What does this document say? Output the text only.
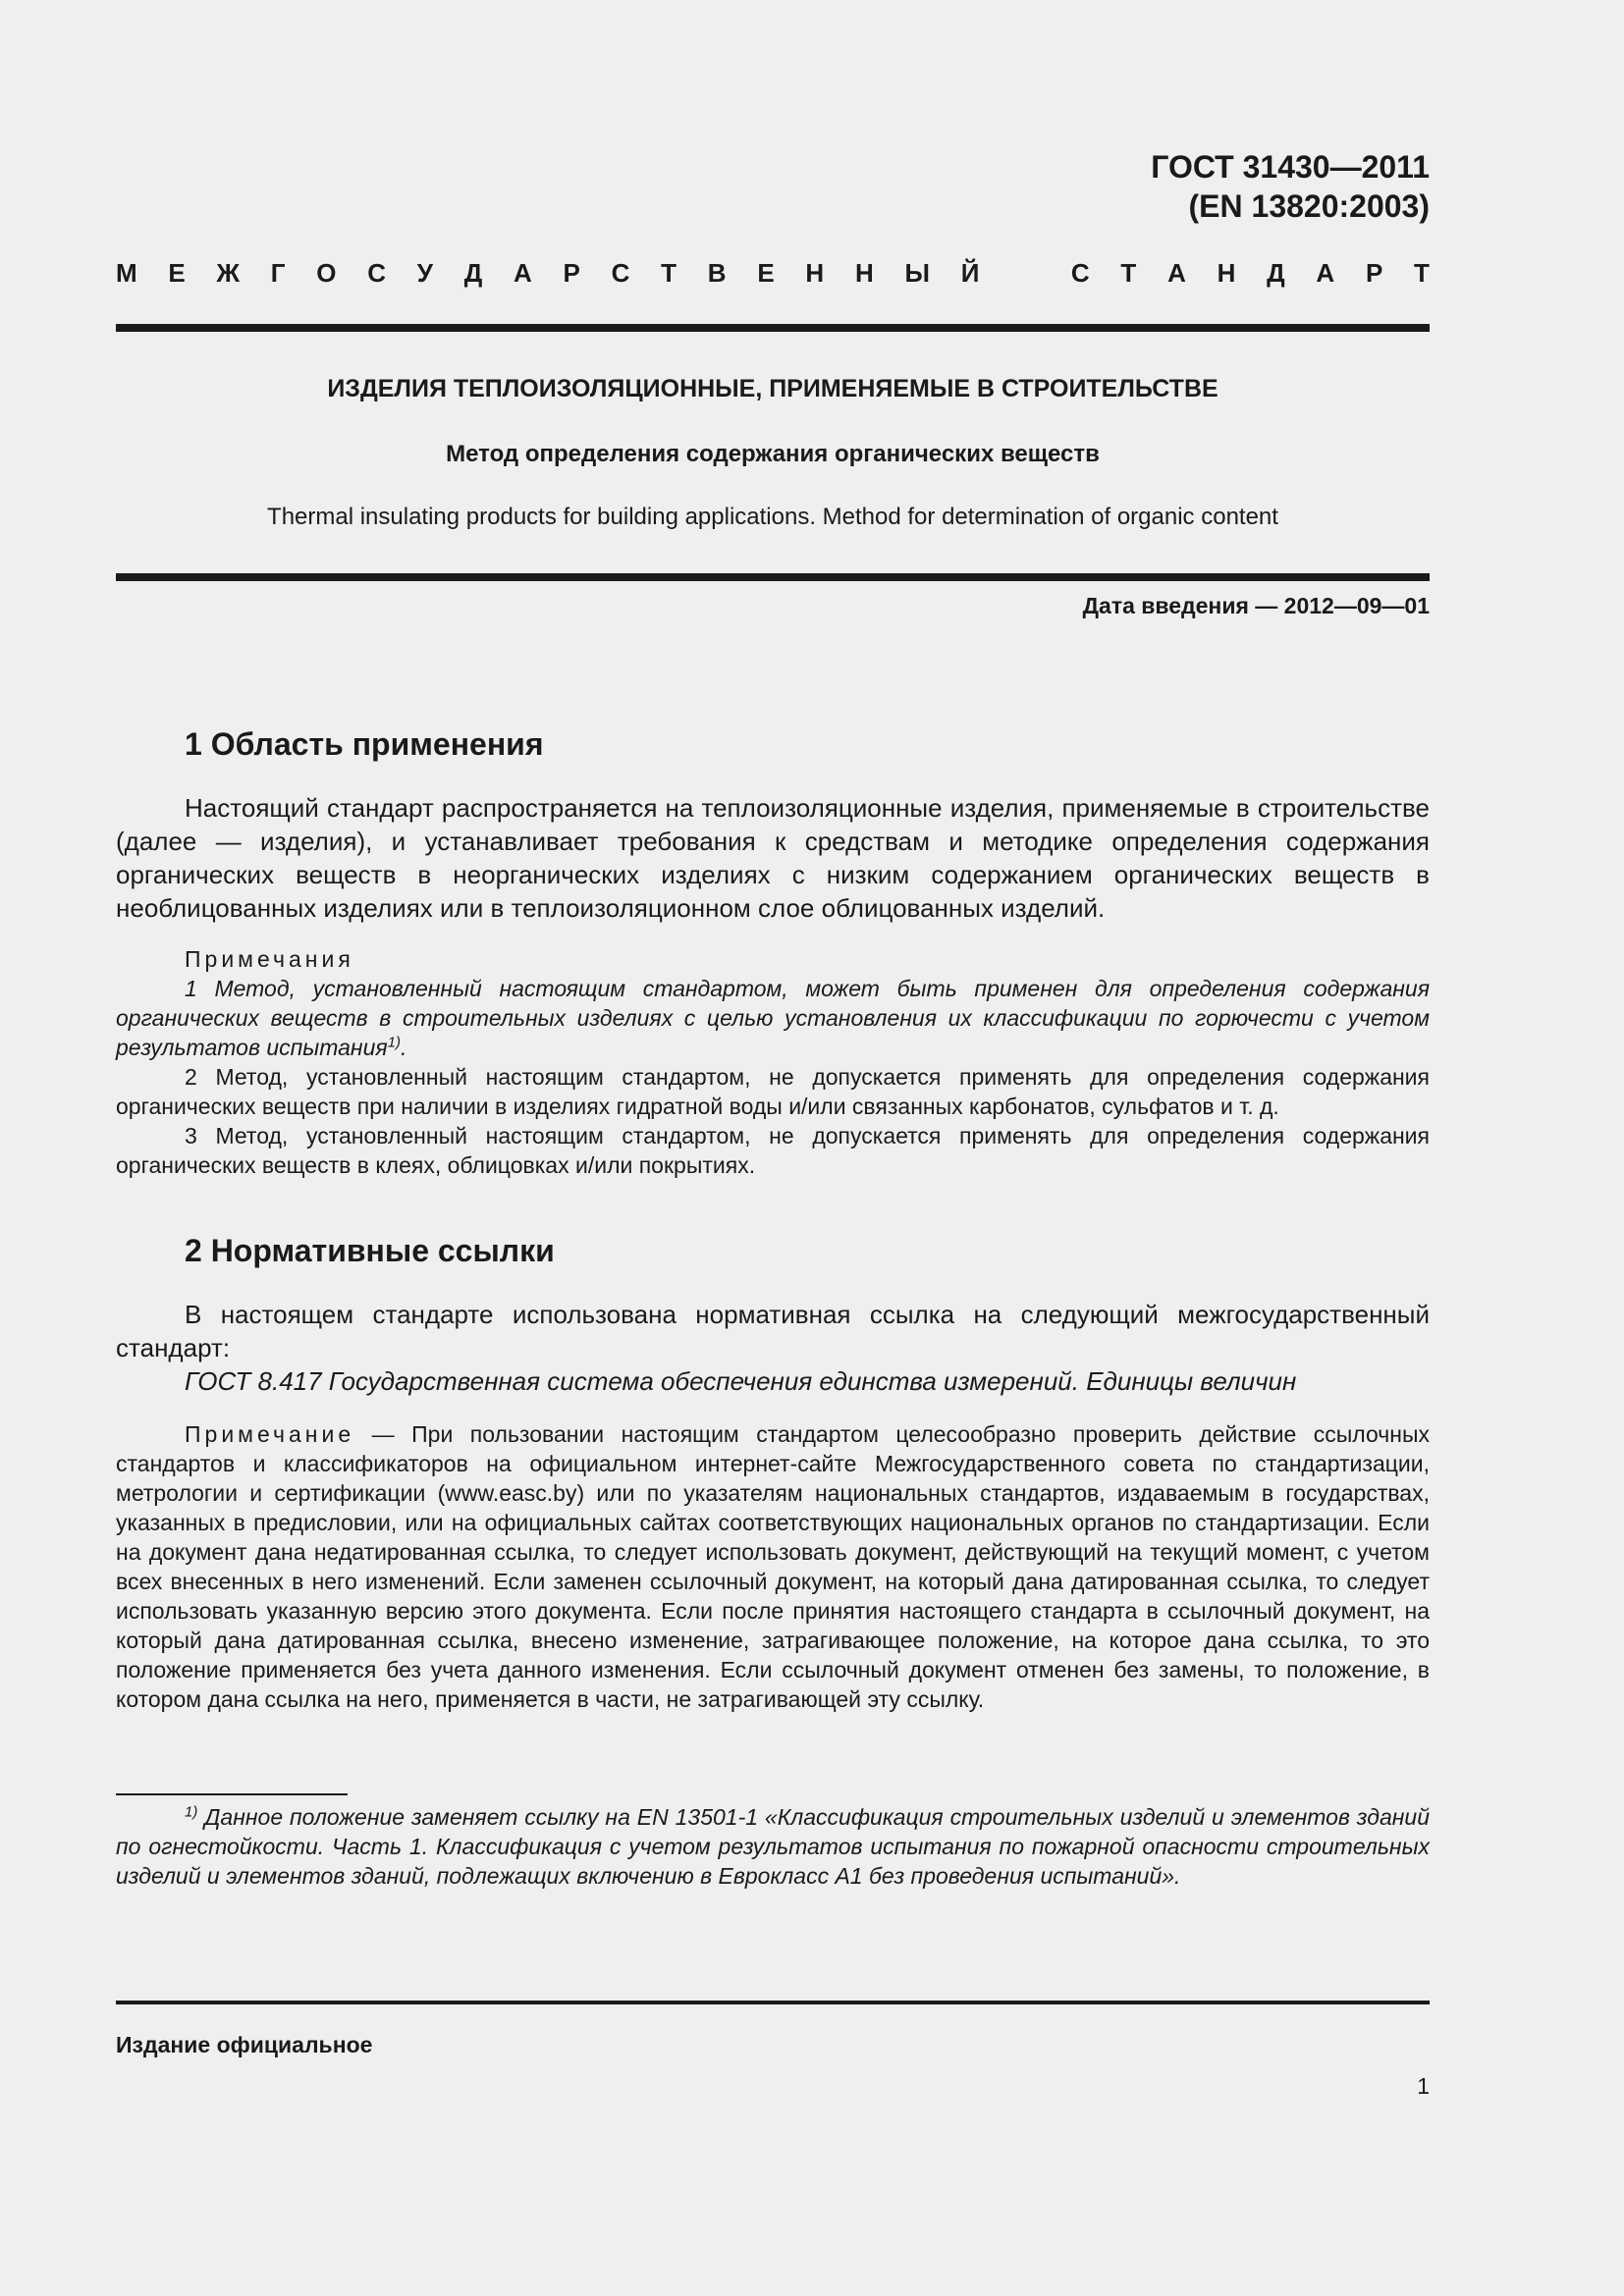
ГОСТ 31430—2011
(EN 13820:2003)
М Е Ж Г О С У Д А Р С Т В Е Н Н Ы Й	С Т А Н Д А Р Т
ИЗДЕЛИЯ ТЕПЛОИЗОЛЯЦИОННЫЕ, ПРИМЕНЯЕМЫЕ В СТРОИТЕЛЬСТВЕ
Метод определения содержания органических веществ
Thermal insulating products for building applications. Method for determination of organic content
Дата введения — 2012—09—01
1 Область применения
Настоящий стандарт распространяется на теплоизоляционные изделия, применяемые в строительстве (далее — изделия), и устанавливает требования к средствам и методике определения содержания органических веществ в неорганических изделиях с низким содержанием органических веществ в необлицованных изделиях или в теплоизоляционном слое облицованных изделий.

Примечания

1 Метод, установленный настоящим стандартом, может быть применен для определения содержания органических веществ в строительных изделиях с целью установления их классификации по горючести с учетом результатов испытания$^{1)}$.

2 Метод, установленный настоящим стандартом, не допускается применять для определения содержания органических веществ при наличии в изделиях гидратной воды и/или связанных карбонатов, сульфатов и т. д.

3 Метод, установленный настоящим стандартом, не допускается применять для определения содержания органических веществ в клеях, облицовках и/или покрытиях.

2 Нормативные ссылки
В настоящем стандарте использована нормативная ссылка на следующий межгосударственный стандарт:
ГОСТ 8.417 Государственная система обеспечения единства измерений. Единицы величин

Примечание — При пользовании настоящим стандартом целесообразно проверить действие ссылочных стандартов и классификаторов на официальном интернет-сайте Межгосударственного совета по стандартизации, метрологии и сертификации (www.easc.by) или по указателям национальных стандартов, издаваемым в государствах, указанных в предисловии, или на официальных сайтах соответствующих национальных органов по стандартизации. Если на документ дана недатированная ссылка, то следует использовать документ, действующий на текущий момент, с учетом всех внесенных в него изменений. Если заменен ссылочный документ, на который дана датированная ссылка, то следует использовать указанную версию этого документа. Если после принятия настоящего стандарта в ссылочный документ, на который дана датированная ссылка, внесено изменение, затрагивающее положение, на которое дана ссылка, то это положение применяется без учета данного изменения. Если ссылочный документ отменен без замены, то положение, в котором дана ссылка на него, применяется в части, не затрагивающей эту ссылку.

$^{1)}$ Данное положение заменяет ссылку на EN 13501-1 «Классификация строительных изделий и элементов зданий по огнестойкости. Часть 1. Классификация с учетом результатов испытания по пожарной опасности строительных изделий и элементов зданий, подлежащих включению в Еврокласс А1 без проведения испытаний».
Издание официальное
1
